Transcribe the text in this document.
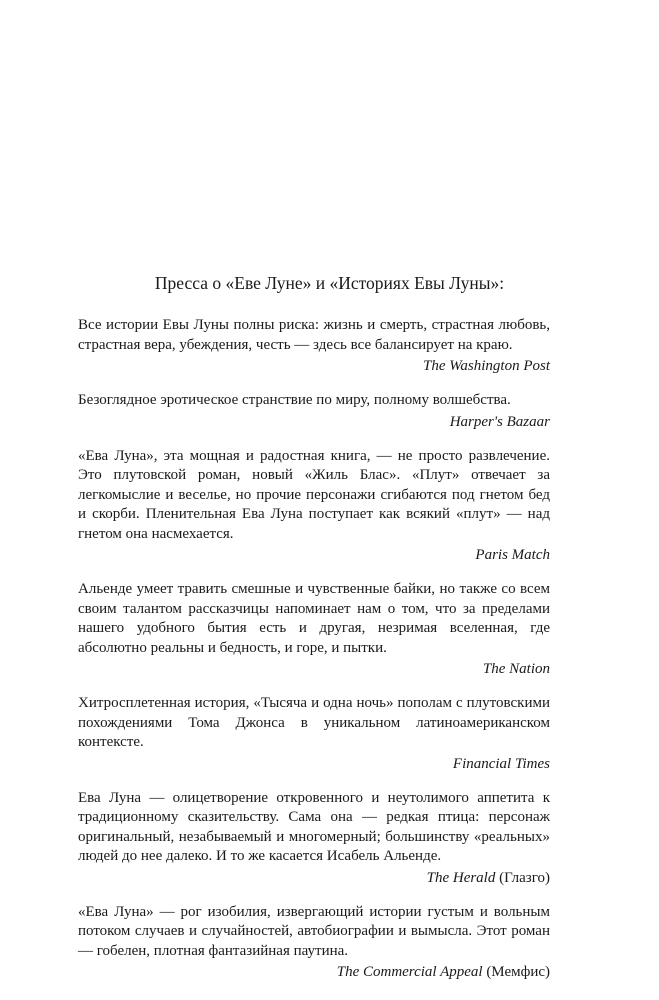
Пресса о «Еве Луне» и «Историях Евы Луны»:

Все истории Евы Луны полны риска: жизнь и смерть, страстная любовь, страстная вера, убеждения, честь — здесь все балансирует на краю.

The Washington Post

Безоглядное эротическое странствие по миру, полному волшебства.

Harper's Bazaar

«Ева Луна», эта мощная и радостная книга, — не просто развлечение. Это плутовской роман, новый «Жиль Блас». «Плут» отвечает за легкомыслие и веселье, но прочие персонажи сгибаются под гнетом бед и скорби. Пленительная Ева Луна поступает как всякий «плут» — над гнетом она насмехается.

Paris Match

Альенде умеет травить смешные и чувственные байки, но также со всем своим талантом рассказчицы напоминает нам о том, что за пределами нашего удобного бытия есть и другая, незримая вселенная, где абсолютно реальны и бедность, и горе, и пытки.

The Nation

Хитросплетенная история, «Тысяча и одна ночь» пополам с плутовскими похождениями Тома Джонса в уникальном латиноамериканском контексте.

Financial Times

Ева Луна — олицетворение откровенного и неутолимого аппетита к традиционному сказительству. Сама она — редкая птица: персонаж оригинальный, незабываемый и многомерный; большинству «реальных» людей до нее далеко. И то же касается Исабель Альенде.

The Herald (Глазго)

«Ева Луна» — рог изобилия, извергающий истории густым и вольным потоком случаев и случайностей, автобиографии и вымысла. Этот роман — гобелен, плотная фантазийная паутина.

The Commercial Appeal (Мемфис)
